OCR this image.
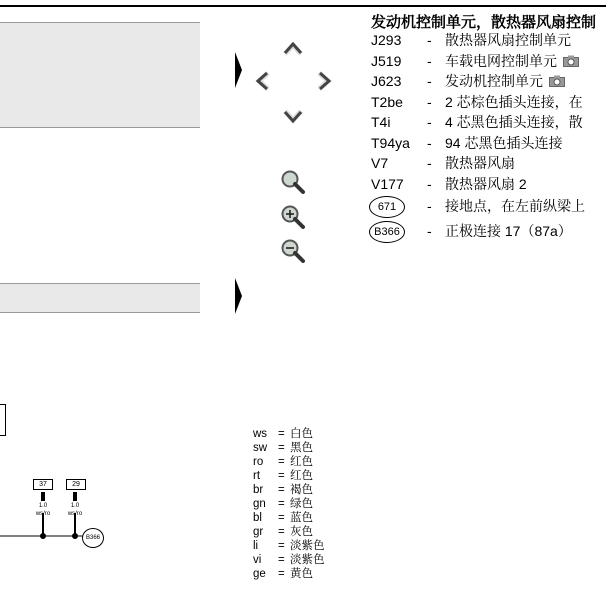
发动机控制单元，散热器风扇控制
J293	- 散热器风扇控制单元
J519	- 车载电网控制单元
J623	- 发动机控制单元
T2be	- 2 芯棕色插头连接，在
T4i	- 4 芯黑色插头连接，散
T94ya	- 94 芯黑色插头连接
V7	- 散热器风扇
V177	- 散热器风扇 2
671	- 接地点，在左前纵梁上
B366	- 正极连接 17（87a）
37	29
1.0
ws/ro
1.0
ws/ro
B366
ws = 白色
sw = 黑色
ro	= 红色
rt	= 红色
br	= 褐色
gn	= 绿色
bl	= 蓝色
gr	= 灰色
li	= 淡紫色
vi	= 淡紫色
ge	= 黄色
